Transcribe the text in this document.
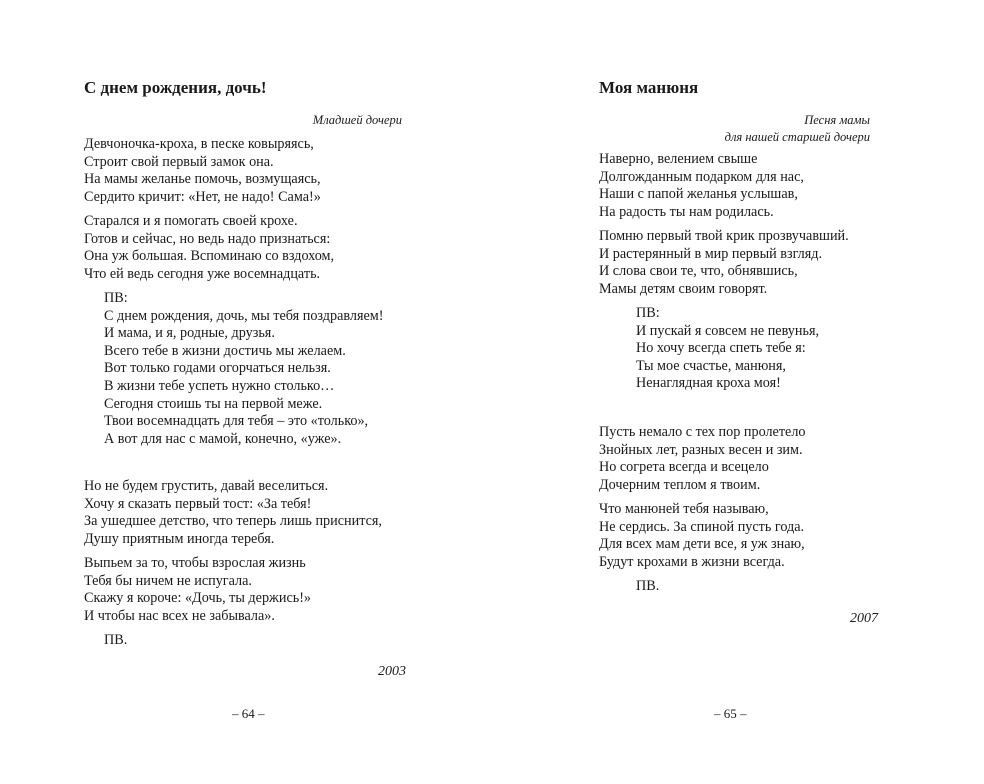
С днем рождения, дочь!
Младшей дочери
Девчоночка-кроха, в песке ковыряясь,
Строит свой первый замок она.
На мамы желанье помочь, возмущаясь,
Сердито кричит: «Нет, не надо! Сама!»
Старался и я помогать своей крохе.
Готов и сейчас, но ведь надо признаться:
Она уж большая. Вспоминаю со вздохом,
Что ей ведь сегодня уже восемнадцать.
ПВ:
С днем рождения, дочь, мы тебя поздравляем!
И мама, и я, родные, друзья.
Всего тебе в жизни достичь мы желаем.
Вот только годами огорчаться нельзя.
В жизни тебе успеть нужно столько…
Сегодня стоишь ты на первой меже.
Твои восемнадцать для тебя – это «только»,
А вот для нас с мамой, конечно, «уже».
Но не будем грустить, давай веселиться.
Хочу я сказать первый тост: «За тебя!
За ушедшее детство, что теперь лишь приснится,
Душу приятным иногда теребя.
Выпьем за то, чтобы взрослая жизнь
Тебя бы ничем не испугала.
Скажу я короче: «Дочь, ты держись!»
И чтобы нас всех не забывала».
ПВ.
2003
– 64 –
Моя манюня
Песня мамы
для нашей старшей дочери
Наверно, велением свыше
Долгожданным подарком для нас,
Наши с папой желанья услышав,
На радость ты нам родилась.
Помню первый твой крик прозвучавший.
И растерянный в мир первый взгляд.
И слова свои те, что, обнявшись,
Мамы детям своим говорят.
ПВ:
И пускай я совсем не певунья,
Но хочу всегда спеть тебе я:
Ты мое счастье, манюня,
Ненаглядная кроха моя!
Пусть немало с тех пор пролетело
Знойных лет, разных весен и зим.
Но согрета всегда и всецело
Дочерним теплом я твоим.
Что манюней тебя называю,
Не сердись. За спиной пусть года.
Для всех мам дети все, я уж знаю,
Будут крохами в жизни всегда.
ПВ.
2007
– 65 –
